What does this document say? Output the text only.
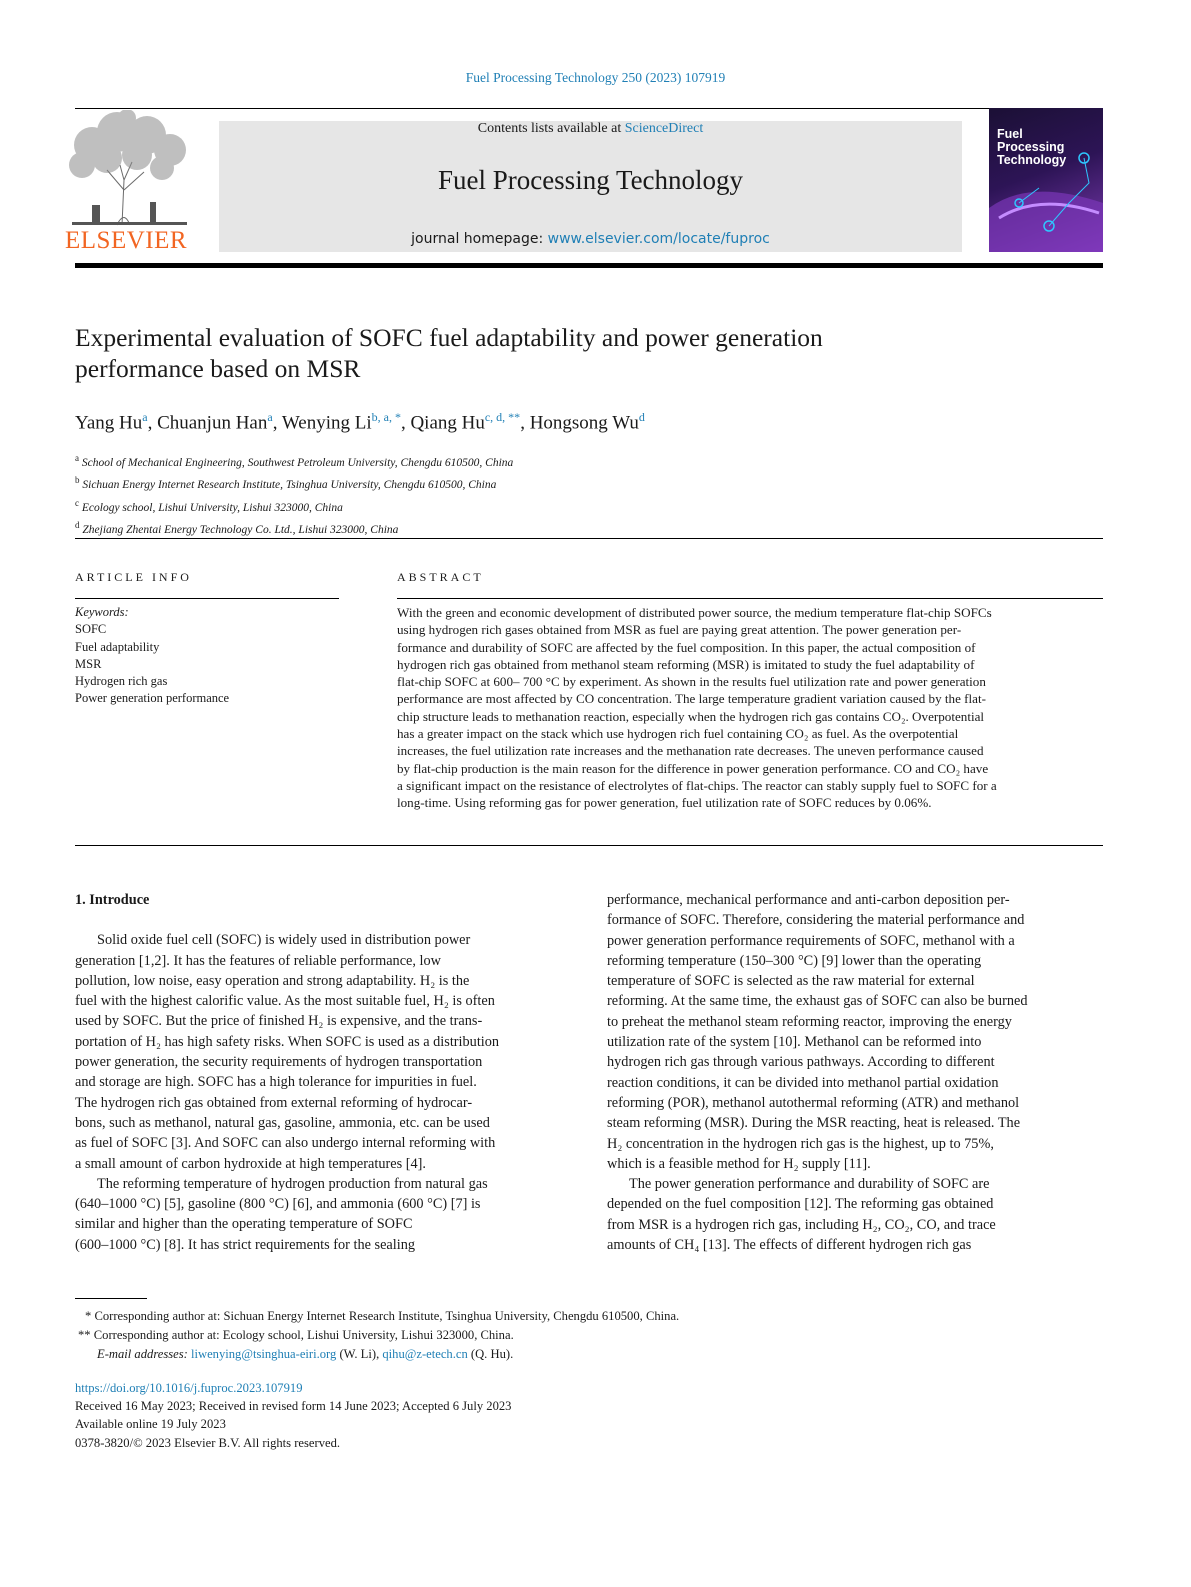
Fuel Processing Technology 250 (2023) 107919
ELSEVIER
Contents lists available at ScienceDirect
Fuel Processing Technology
journal homepage: www.elsevier.com/locate/fuproc
Fuel
Processing
Technology
Experimental evaluation of SOFC fuel adaptability and power generation
performance based on MSR
Yang Hu$^a$, Chuanjun Han$^a$, Wenying $Li^{b, a, *}$, Qiang $Hu^{c, d, **}$, Hongsong Wu$^d$
$^a$ School of Mechanical Engineering, Southwest Petroleum University, Chengdu 610500, China
$^b$ Sichuan Energy Internet Research Institute, Tsinghua University, Chengdu 610500, China
$^c$ Ecology school, Lishui University, Lishui 323000, China
$^d$ Zhejiang Zhentai Energy Technology Co. Ltd., Lishui 323000, China
ARTICLE INFO	ABSTRACT
Keywords:
SOFC
Fuel adaptability
MSR
Hydrogen rich gas
Power generation performance
With the green and economic development of distributed power source, the medium temperature flat-chip SOFCs
using hydrogen rich gases obtained from MSR as fuel are paying great attention. The power generation per-
formance and durability of SOFC are affected by the fuel composition. In this paper, the actual composition of
hydrogen rich gas obtained from methanol steam reforming (MSR) is imitated to study the fuel adaptability of
flat-chip SOFC at 600– 700 °C by experiment. As shown in the results fuel utilization rate and power generation
performance are most affected by CO concentration. The large temperature gradient variation caused by the flat-
chip structure leads to methanation reaction, especially when the hydrogen rich gas contains CO₂. Overpotential
has a greater impact on the stack which use hydrogen rich fuel containing CO₂ as fuel. As the overpotential
increases, the fuel utilization rate increases and the methanation rate decreases. The uneven performance caused
by flat-chip production is the main reason for the difference in power generation performance. CO and CO₂ have
a significant impact on the resistance of electrolytes of flat-chips. The reactor can stably supply fuel to SOFC for a
long-time. Using reforming gas for power generation, fuel utilization rate of SOFC reduces by 0.06%.
1. Introduce
Solid oxide fuel cell (SOFC) is widely used in distribution power
generation [1,2]. It has the features of reliable performance, low
pollution, low noise, easy operation and strong adaptability. H₂ is the
fuel with the highest calorific value. As the most suitable fuel, H₂ is often
used by SOFC. But the price of finished H₂ is expensive, and the trans-
portation of H₂ has high safety risks. When SOFC is used as a distribution
power generation, the security requirements of hydrogen transportation
and storage are high. SOFC has a high tolerance for impurities in fuel.
The hydrogen rich gas obtained from external reforming of hydrocar-
bons, such as methanol, natural gas, gasoline, ammonia, etc. can be used
as fuel of SOFC [3]. And SOFC can also undergo internal reforming with
a small amount of carbon hydroxide at high temperatures [4].
The reforming temperature of hydrogen production from natural gas
(640–1000 °C) [5], gasoline (800 °C) [6], and ammonia (600 °C) [7] is
similar and higher than the operating temperature of SOFC
(600–1000 °C) [8]. It has strict requirements for the sealing
performance, mechanical performance and anti-carbon deposition per-
formance of SOFC. Therefore, considering the material performance and
power generation performance requirements of SOFC, methanol with a
reforming temperature (150–300 °C) [9] lower than the operating
temperature of SOFC is selected as the raw material for external
reforming. At the same time, the exhaust gas of SOFC can also be burned
to preheat the methanol steam reforming reactor, improving the energy
utilization rate of the system [10]. Methanol can be reformed into
hydrogen rich gas through various pathways. According to different
reaction conditions, it can be divided into methanol partial oxidation
reforming (POR), methanol autothermal reforming (ATR) and methanol
steam reforming (MSR). During the MSR reacting, heat is released. The
H₂ concentration in the hydrogen rich gas is the highest, up to 75%,
which is a feasible method for H₂ supply [11].
The power generation performance and durability of SOFC are
depended on the fuel composition [12]. The reforming gas obtained
from MSR is a hydrogen rich gas, including H₂, CO₂, CO, and trace
amounts of CH₄ [13]. The effects of different hydrogen rich gas
* Corresponding author at: Sichuan Energy Internet Research Institute, Tsinghua University, Chengdu 610500, China.
** Corresponding author at: Ecology school, Lishui University, Lishui 323000, China.
E-mail addresses: liwenying@tsinghua-eiri.org (W. Li), qihu@z-etech.cn (Q. Hu).
https://doi.org/10.1016/j.fuproc.2023.107919
Received 16 May 2023; Received in revised form 14 June 2023; Accepted 6 July 2023
Available online 19 July 2023
0378-3820/© 2023 Elsevier B.V. All rights reserved.
